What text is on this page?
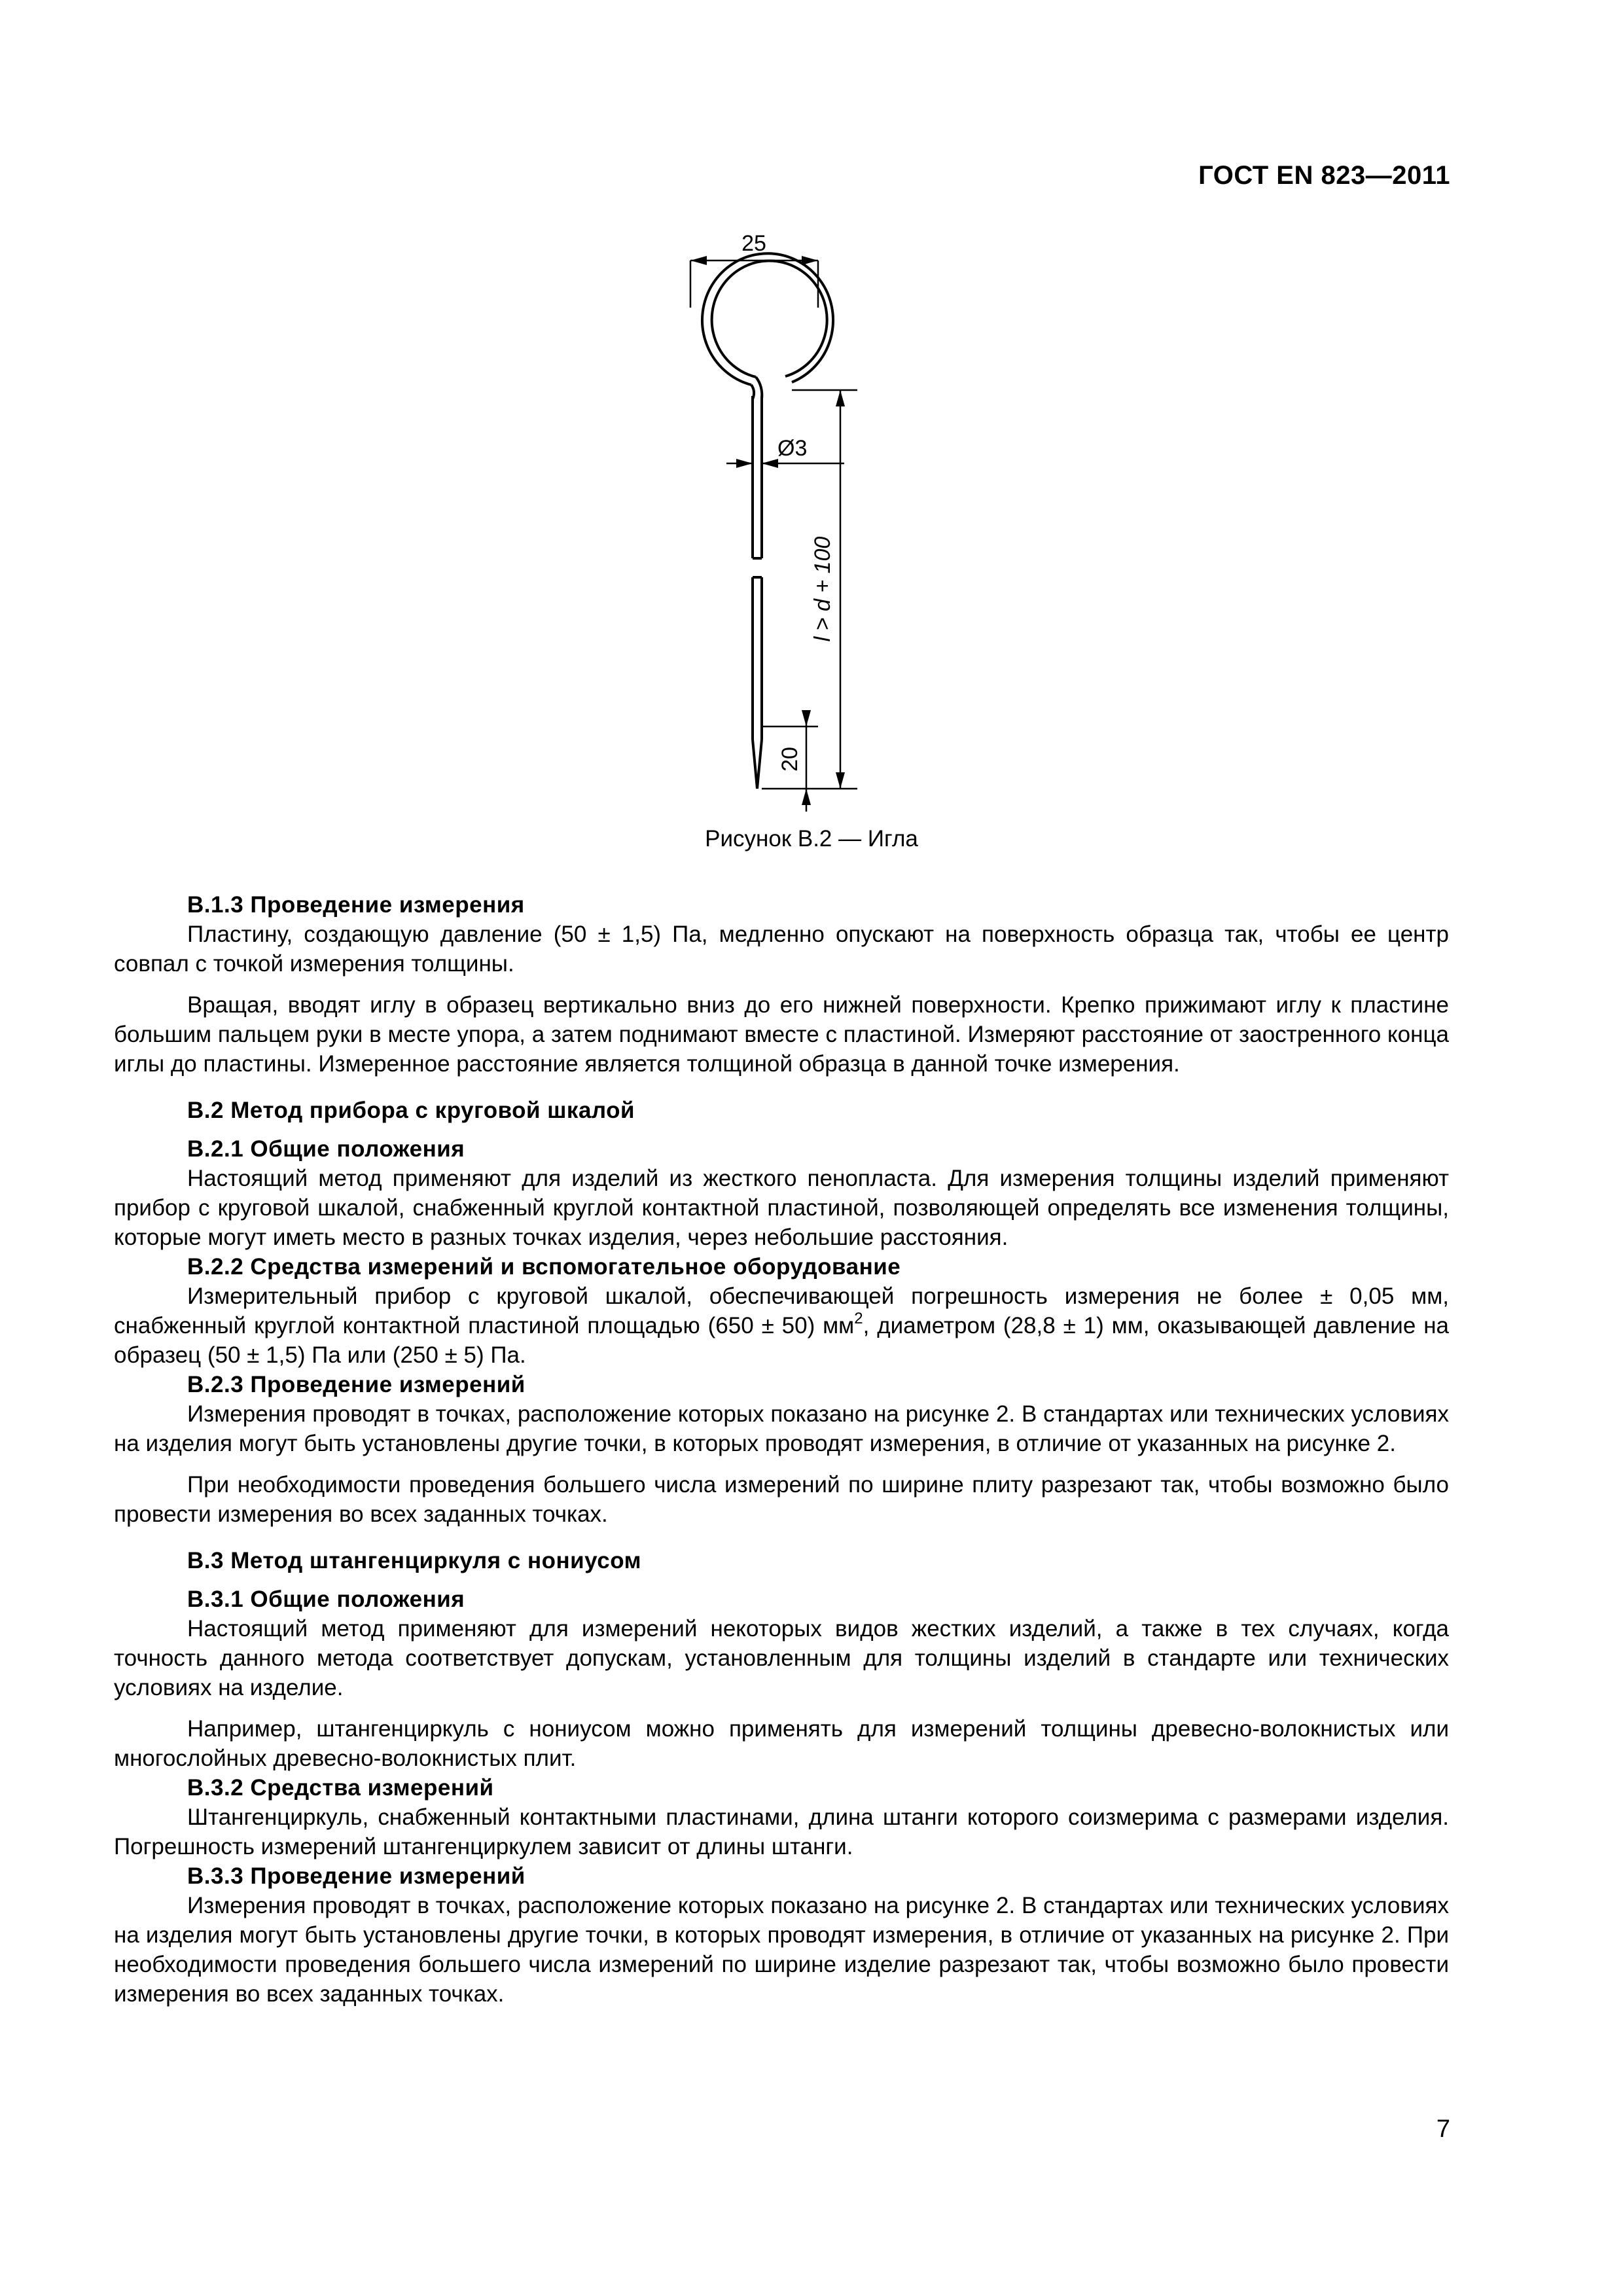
ГОСТ EN 823—2011
25
Ø3
l > d + 100
20
Рисунок B.2 — Игла
B.1.3 Проведение измерения

Пластину, создающую давление (50 ± 1,5) Па, медленно опускают на поверхность образца так, чтобы ее центр совпал с точкой измерения толщины.

Вращая, вводят иглу в образец вертикально вниз до его нижней поверхности. Крепко прижимают иглу к пластине большим пальцем руки в месте упора, а затем поднимают вместе с пластиной. Измеряют расстояние от заостренного конца иглы до пластины. Измеренное расстояние является толщиной образца в данной точке измерения.

B.2 Метод прибора с круговой шкалой
B.2.1 Общие положения

Настоящий метод применяют для изделий из жесткого пенопласта. Для измерения толщины изделий применяют прибор с круговой шкалой, снабженный круглой контактной пластиной, позволяющей определять все изменения толщины, которые могут иметь место в разных точках изделия, через небольшие расстояния.

B.2.2 Средства измерений и вспомогательное оборудование

Измерительный прибор с круговой шкалой, обеспечивающей погрешность измерения не более ± 0,05 мм, снабженный круглой контактной пластиной площадью (650 ± 50) $мм^2$, диаметром (28,8 ± 1) мм, оказывающей давление на образец (50 ± 1,5) Па или (250 ± 5) Па.

B.2.3 Проведение измерений

Измерения проводят в точках, расположение которых показано на рисунке 2. В стандартах или технических условиях на изделия могут быть установлены другие точки, в которых проводят измерения, в отличие от указанных на рисунке 2.

При необходимости проведения большего числа измерений по ширине плиту разрезают так, чтобы возможно было провести измерения во всех заданных точках.

B.3 Метод штангенциркуля с нониусом
B.3.1 Общие положения

Настоящий метод применяют для измерений некоторых видов жестких изделий, а также в тех случаях, когда точность данного метода соответствует допускам, установленным для толщины изделий в стандарте или технических условиях на изделие.

Например, штангенциркуль с нониусом можно применять для измерений толщины древесно-волокнистых или многослойных древесно-волокнистых плит.

B.3.2 Средства измерений

Штангенциркуль, снабженный контактными пластинами, длина штанги которого соизмерима с размерами изделия. Погрешность измерений штангенциркулем зависит от длины штанги.

B.3.3 Проведение измерений

Измерения проводят в точках, расположение которых показано на рисунке 2. В стандартах или технических условиях на изделия могут быть установлены другие точки, в которых проводят измерения, в отличие от указанных на рисунке 2. При необходимости проведения большего числа измерений по ширине изделие разрезают так, чтобы возможно было провести измерения во всех заданных точках.

7
